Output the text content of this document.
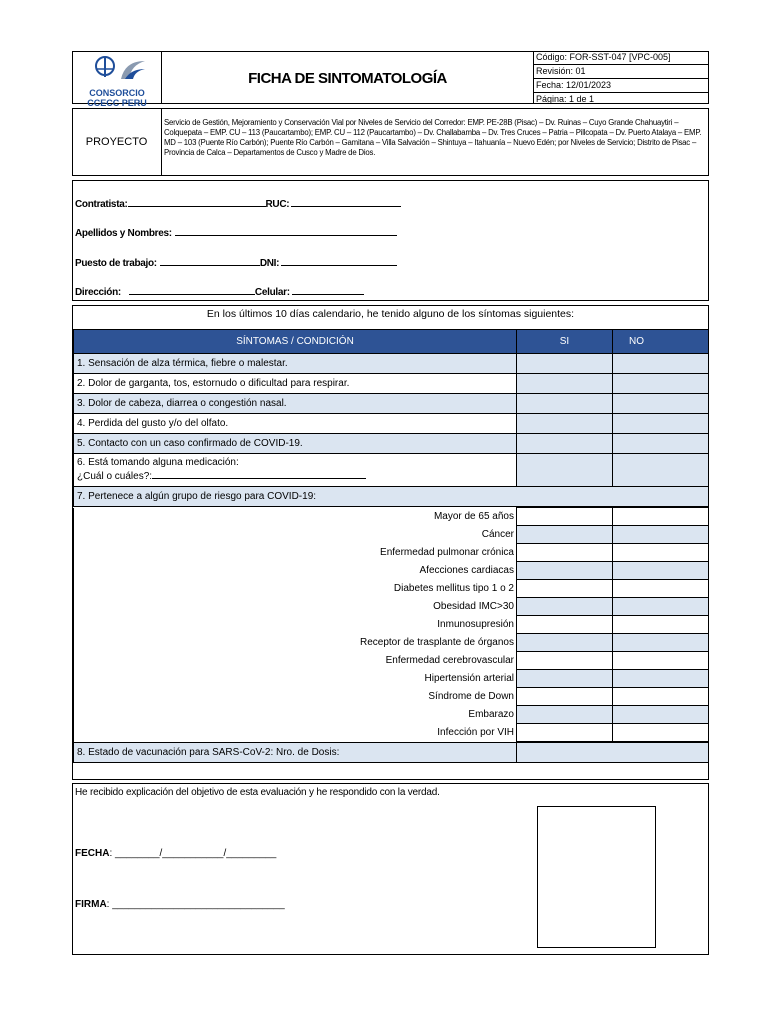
CONSORCIO
CCECC PERU
FICHA DE SINTOMATOLOGÍA
Código: FOR-SST-047 [VPC-005]
Revisión: 01
Fecha: 12/01/2023
Página: 1 de 1
PROYECTO
Servicio de Gestión, Mejoramiento y Conservación Vial por Niveles de Servicio del Corredor: EMP. PE-28B (Pisac) – Dv. Ruinas – Cuyo Grande Chahuaytiri – Colquepata – EMP. CU – 113 (Paucartambo); EMP. CU – 112 (Paucartambo) – Dv. Challabamba – Dv. Tres Cruces – Patria – Pillcopata – Dv. Puerto Atalaya – EMP. MD – 103 (Puente Río Carbón); Puente Río Carbón – Gamitana – Villa Salvación – Shintuya – Itahuanía – Nuevo Edén; por Niveles de Servicio; Distrito de Pisac – Provincia de Calca – Departamentos de Cusco y Madre de Dios.
Contratista:	RUC:
Apellidos y Nombres:
Puesto de trabajo:	DNI:
Dirección:	Celular:
En los últimos 10 días calendario, he tenido alguno de los síntomas siguientes:
SÍNTOMAS / CONDICIÓN	SI	NO
1. Sensación de alza térmica, fiebre o malestar.		
2. Dolor de garganta, tos, estornudo o dificultad para respirar.		
3. Dolor de cabeza, diarrea o congestión nasal.		
4. Perdida del gusto y/o del olfato.		
5. Contacto con un caso confirmado de COVID-19.		

6. Está tomando alguna medicación:
¿Cuál o cuáles?:		

7. Pertenece a algún grupo de riesgo para COVID-19:		
Mayor de 65 años		
Cáncer		
Enfermedad pulmonar crónica		
Afecciones cardiacas		
Diabetes mellitus tipo 1 o 2		
Obesidad IMC>30		
Inmunosupresión		
Receptor de trasplante de órganos		
Enfermedad cerebrovascular		
Hipertensión arterial		
Síndrome de Down		
Embarazo		
Infección por VIH		
8. Estado de vacunación para SARS-CoV-2: Nro. de Dosis:	
He recibido explicación del objetivo de esta evaluación y he respondido con la verdad.
FECHA: ________/___________/_________
FIRMA: _______________________________
